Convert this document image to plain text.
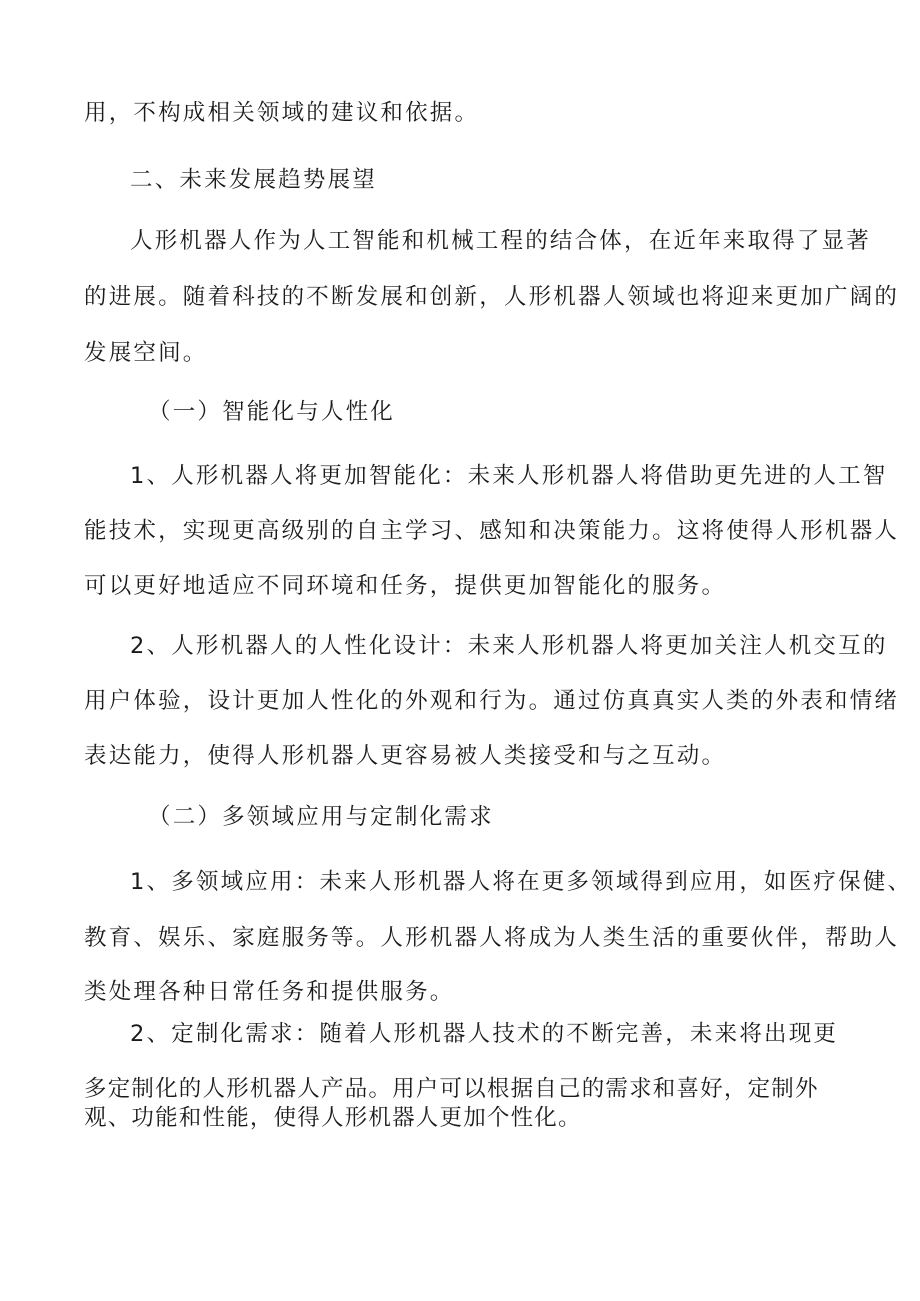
用，不构成相关领域的建议和依据。

二、未来发展趋势展望

人形机器人作为人工智能和机械工程的结合体，在近年来取得了显著

的进展。随着科技的不断发展和创新，人形机器人领域也将迎来更加广阔的

发展空间。

（一）智能化与人性化

1、人形机器人将更加智能化：未来人形机器人将借助更先进的人工智

能技术，实现更高级别的自主学习、感知和决策能力。这将使得人形机器人

可以更好地适应不同环境和任务，提供更加智能化的服务。

2、人形机器人的人性化设计：未来人形机器人将更加关注人机交互的

用户体验，设计更加人性化的外观和行为。通过仿真真实人类的外表和情绪

表达能力，使得人形机器人更容易被人类接受和与之互动。

（二）多领域应用与定制化需求

1、多领域应用：未来人形机器人将在更多领域得到应用，如医疗保健、

教育、娱乐、家庭服务等。人形机器人将成为人类生活的重要伙伴，帮助人

类处理各种日常任务和提供服务。

2、定制化需求：随着人形机器人技术的不断完善，未来将出现更

多定制化的人形机器人产品。用户可以根据自己的需求和喜好，定制外

观、功能和性能，使得人形机器人更加个性化。
